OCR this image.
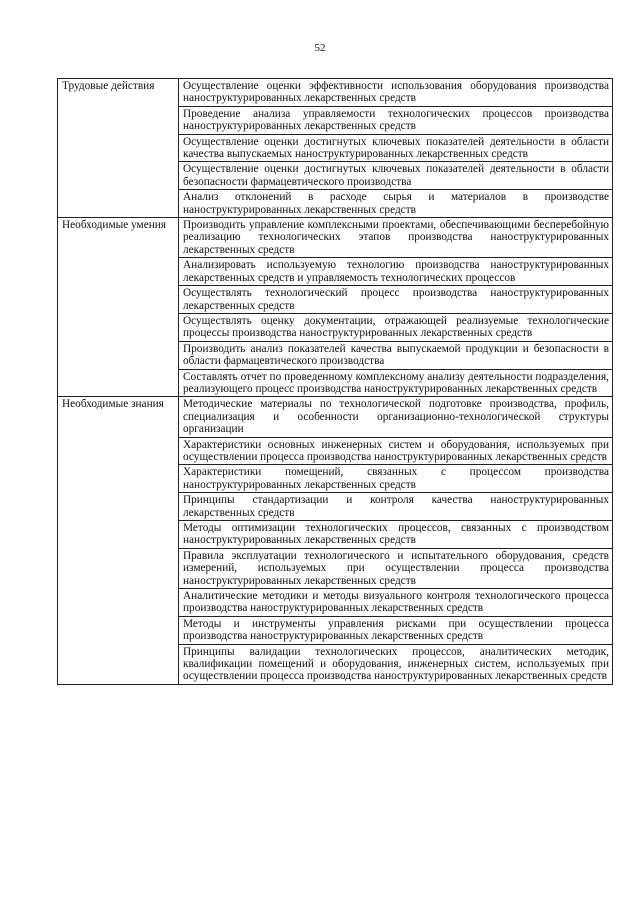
52
Трудовые действия	Осуществление оценки эффективности использования оборудования производства наноструктурированных лекарственных средств
	Проведение анализа управляемости технологических процессов производства наноструктурированных лекарственных средств
	Осуществление оценки достигнутых ключевых показателей деятельности в области качества выпускаемых наноструктурированных лекарственных средств
	Осуществление оценки достигнутых ключевых показателей деятельности в области безопасности фармацевтического производства
	Анализ отклонений в расходе сырья и материалов в производстве наноструктурированных лекарственных средств
Необходимые умения	Производить управление комплексными проектами, обеспечивающими бесперебойную реализацию технологических этапов производства наноструктурированных лекарственных средств
	Анализировать используемую технологию производства наноструктурированных лекарственных средств и управляемость технологических процессов
	Осуществлять технологический процесс производства наноструктурированных лекарственных средств
	Осуществлять оценку документации, отражающей реализуемые технологические процессы производства наноструктурированных лекарственных средств
	Производить анализ показателей качества выпускаемой продукции и безопасности в области фармацевтического производства
	Составлять отчет по проведенному комплексному анализу деятельности подразделения, реализующего процесс производства наноструктурированных лекарственных средств
Необходимые знания	Методические материалы по технологической подготовке производства, профиль, специализация и особенности организационно-технологической структуры организации
	Характеристики основных инженерных систем и оборудования, используемых при осуществлении процесса производства наноструктурированных лекарственных средств
	Характеристики помещений, связанных с процессом производства наноструктурированных лекарственных средств
	Принципы стандартизации и контроля качества наноструктурированных лекарственных средств
	Методы оптимизации технологических процессов, связанных с производством наноструктурированных лекарственных средств
	Правила эксплуатации технологического и испытательного оборудования, средств измерений, используемых при осуществлении процесса производства наноструктурированных лекарственных средств
	Аналитические методики и методы визуального контроля технологического процесса производства наноструктурированных лекарственных средств
	Методы и инструменты управления рисками при осуществлении процесса производства наноструктурированных лекарственных средств
	Принципы валидации технологических процессов, аналитических методик, квалификации помещений и оборудования, инженерных систем, используемых при осуществлении процесса производства наноструктурированных лекарственных средств
